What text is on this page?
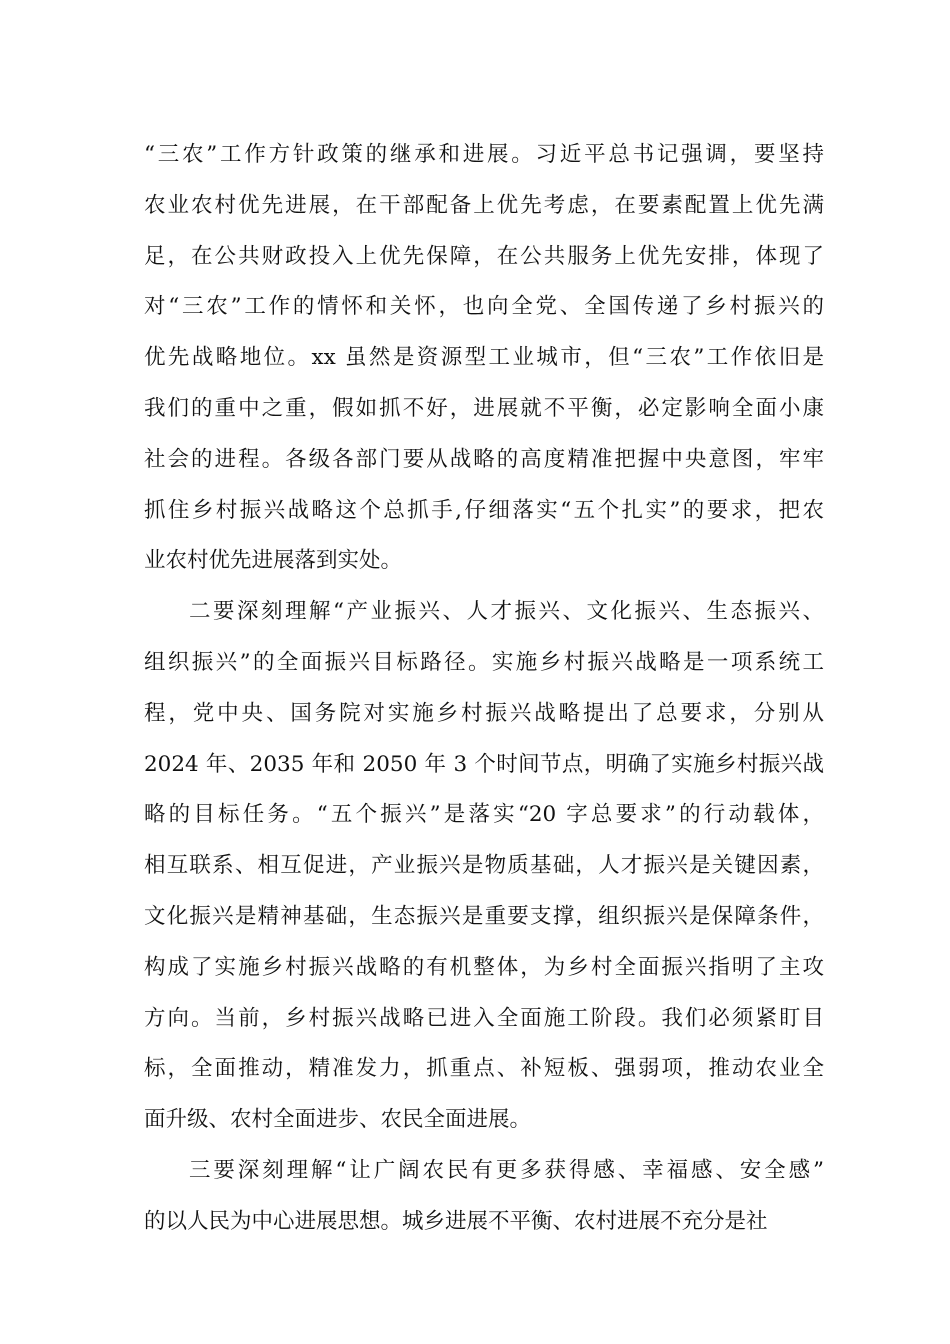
“三农”工作方针政策的继承和进展。习近平总书记强调，要坚持
农业农村优先进展，在干部配备上优先考虑，在要素配置上优先满
足，在公共财政投入上优先保障，在公共服务上优先安排，体现了
对“三农”工作的情怀和关怀，也向全党、全国传递了乡村振兴的
优先战略地位。xx 虽然是资源型工业城市，但“三农”工作依旧是
我们的重中之重，假如抓不好，进展就不平衡，必定影响全面小康
社会的进程。各级各部门要从战略的高度精准把握中央意图，牢牢
抓住乡村振兴战略这个总抓手,仔细落实“五个扎实”的要求，把农
业农村优先进展落到实处。
二要深刻理解“产业振兴、人才振兴、文化振兴、生态振兴、
组织振兴”的全面振兴目标路径。实施乡村振兴战略是一项系统工
程，党中央、国务院对实施乡村振兴战略提出了总要求，分别从
2024 年、2035 年和 2050 年 3 个时间节点，明确了实施乡村振兴战
略的目标任务。“五个振兴”是落实“20 字总要求”的行动载体，
相互联系、相互促进，产业振兴是物质基础，人才振兴是关键因素，
文化振兴是精神基础，生态振兴是重要支撑，组织振兴是保障条件，
构成了实施乡村振兴战略的有机整体，为乡村全面振兴指明了主攻
方向。当前，乡村振兴战略已进入全面施工阶段。我们必须紧盯目
标，全面推动，精准发力，抓重点、补短板、强弱项，推动农业全
面升级、农村全面进步、农民全面进展。
三要深刻理解“让广阔农民有更多获得感、幸福感、安全感”
的以人民为中心进展思想。城乡进展不平衡、农村进展不充分是社
